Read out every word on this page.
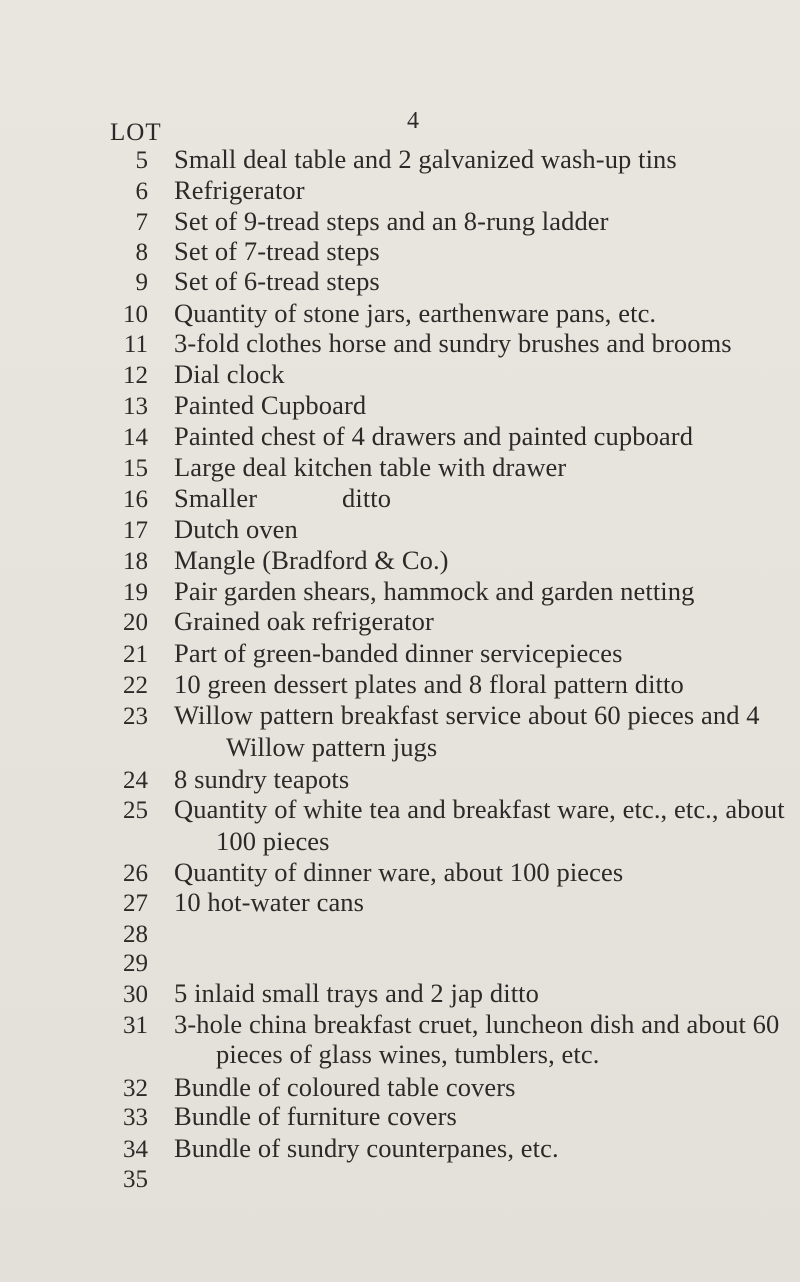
4
LOT
5 Small deal table and 2 galvanized wash-up tins
6 Refrigerator
7 Set of 9-tread steps and an 8-rung ladder
8 Set of 7-tread steps
9 Set of 6-tread steps
10 Quantity of stone jars, earthenware pans, etc.
11 3-fold clothes horse and sundry brushes and brooms
12 Dial clock
13 Painted Cupboard
14 Painted chest of 4 drawers and painted cupboard
15 Large deal kitchen table with drawer
16 Smaller	ditto
17 Dutch oven
18 Mangle (Bradford & Co.)
19 Pair garden shears, hammock and garden netting
20 Grained oak refrigerator
21 Part of green-banded dinner service pieces
22 10 green dessert plates and 8 floral pattern ditto
23 Willow pattern breakfast service about 60 pieces and 4
Willow pattern jugs
24 8 sundry teapots
25 Quantity of white tea and breakfast ware, etc., etc., about
100 pieces
26 Quantity of dinner ware, about 100 pieces
27 10 hot-water cans
28
29
30 5 inlaid small trays and 2 jap ditto
31 3-hole china breakfast cruet, luncheon dish and about 60
pieces of glass wines, tumblers, etc.
32 Bundle of coloured table covers
33 Bundle of furniture covers
34 Bundle of sundry counterpanes, etc.
35
